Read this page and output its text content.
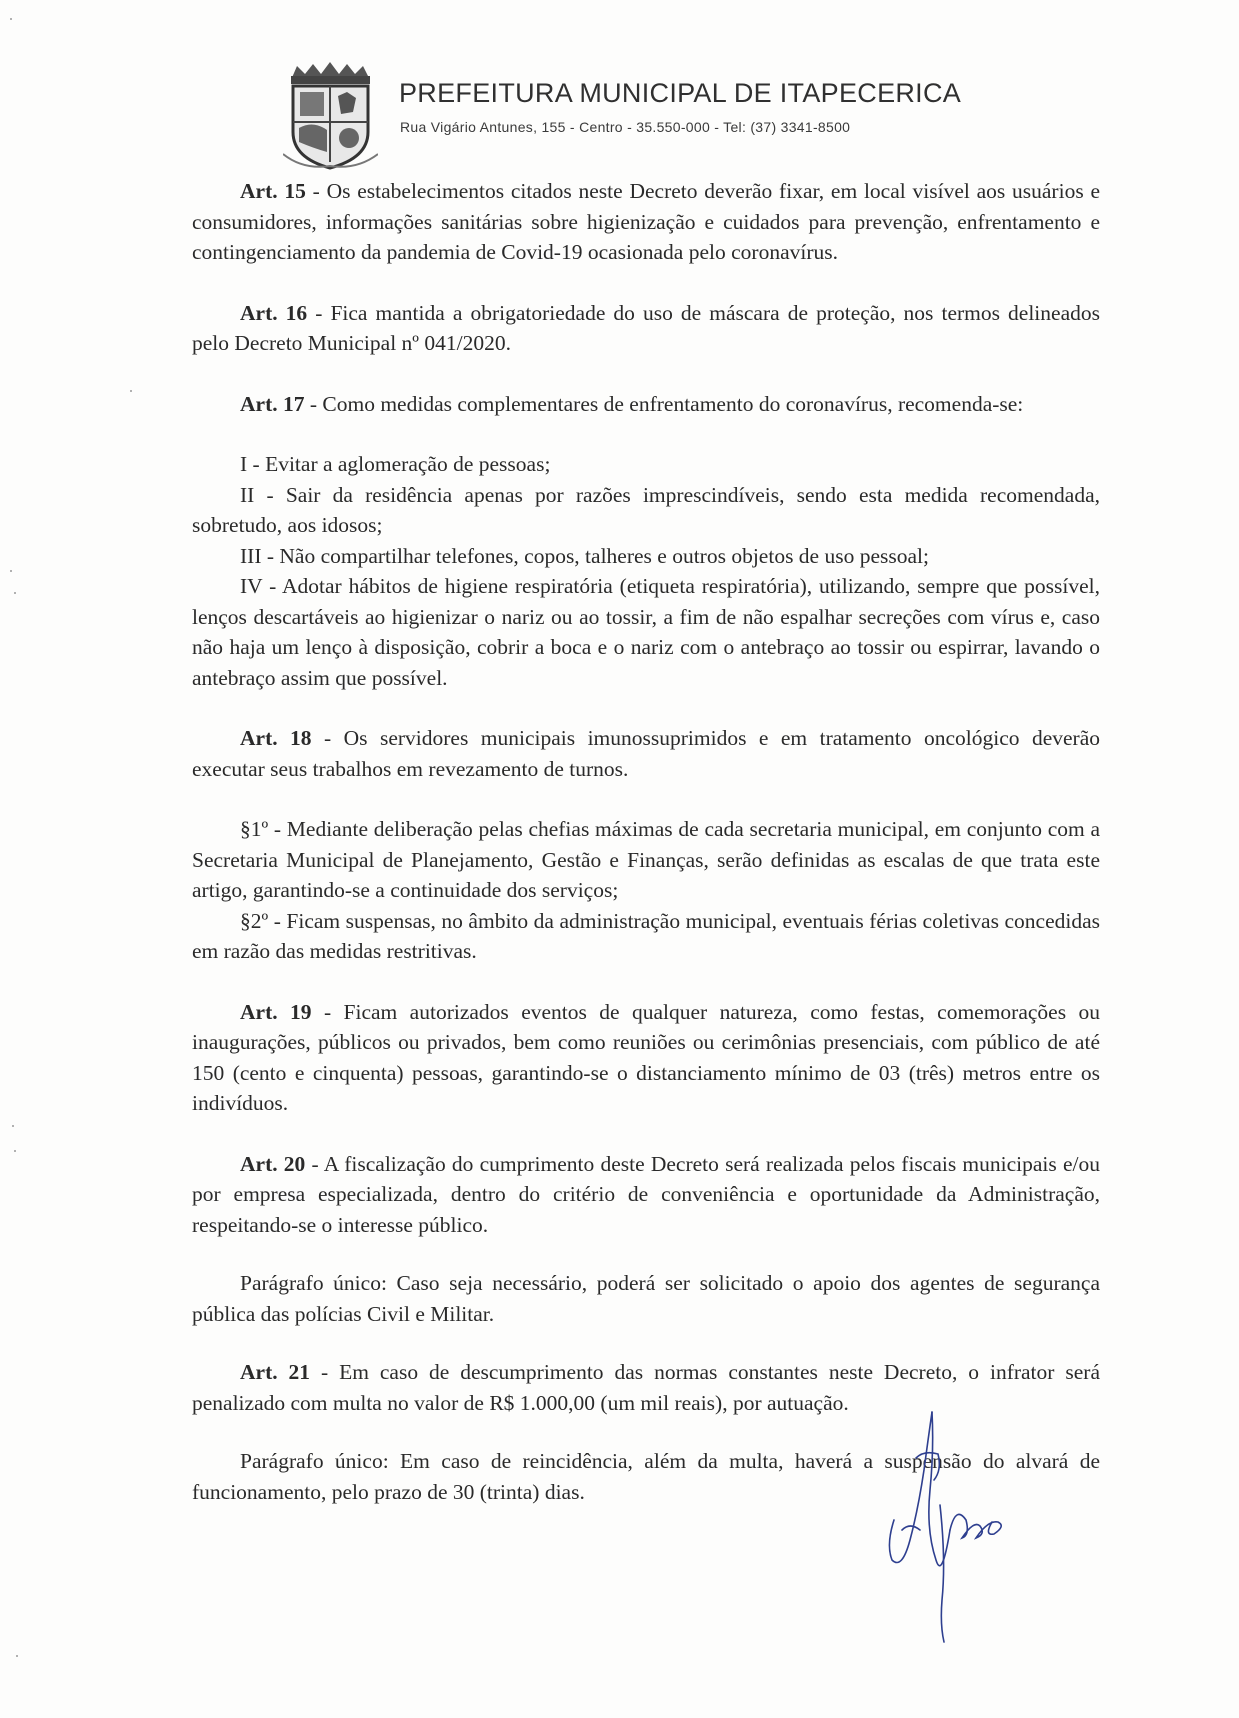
PREFEITURA MUNICIPAL DE ITAPECERICA
Rua Vigário Antunes, 155 - Centro - 35.550-000 - Tel: (37) 3341-8500

Art. 15 - Os estabelecimentos citados neste Decreto deverão fixar, em local visível aos usuários e consumidores, informações sanitárias sobre higienização e cuidados para prevenção, enfrentamento e contingenciamento da pandemia de Covid-19 ocasionada pelo coronavírus.

Art. 16 - Fica mantida a obrigatoriedade do uso de máscara de proteção, nos termos delineados pelo Decreto Municipal nº 041/2020.

Art. 17 - Como medidas complementares de enfrentamento do coronavírus, recomenda-se:

I - Evitar a aglomeração de pessoas;

II - Sair da residência apenas por razões imprescindíveis, sendo esta medida recomendada, sobretudo, aos idosos;

III - Não compartilhar telefones, copos, talheres e outros objetos de uso pessoal;

IV - Adotar hábitos de higiene respiratória (etiqueta respiratória), utilizando, sempre que possível, lenços descartáveis ao higienizar o nariz ou ao tossir, a fim de não espalhar secreções com vírus e, caso não haja um lenço à disposição, cobrir a boca e o nariz com o antebraço ao tossir ou espirrar, lavando o antebraço assim que possível.

Art. 18 - Os servidores municipais imunossuprimidos e em tratamento oncológico deverão executar seus trabalhos em revezamento de turnos.

§1º - Mediante deliberação pelas chefias máximas de cada secretaria municipal, em conjunto com a Secretaria Municipal de Planejamento, Gestão e Finanças, serão definidas as escalas de que trata este artigo, garantindo-se a continuidade dos serviços;

§2º - Ficam suspensas, no âmbito da administração municipal, eventuais férias coletivas concedidas em razão das medidas restritivas.

Art. 19 - Ficam autorizados eventos de qualquer natureza, como festas, comemorações ou inaugurações, públicos ou privados, bem como reuniões ou cerimônias presenciais, com público de até 150 (cento e cinquenta) pessoas, garantindo-se o distanciamento mínimo de 03 (três) metros entre os indivíduos.

Art. 20 - A fiscalização do cumprimento deste Decreto será realizada pelos fiscais municipais e/ou por empresa especializada, dentro do critério de conveniência e oportunidade da Administração, respeitando-se o interesse público.

Parágrafo único: Caso seja necessário, poderá ser solicitado o apoio dos agentes de segurança pública das polícias Civil e Militar.

Art. 21 - Em caso de descumprimento das normas constantes neste Decreto, o infrator será penalizado com multa no valor de R$ 1.000,00 (um mil reais), por autuação.

Parágrafo único: Em caso de reincidência, além da multa, haverá a suspensão do alvará de funcionamento, pelo prazo de 30 (trinta) dias.
